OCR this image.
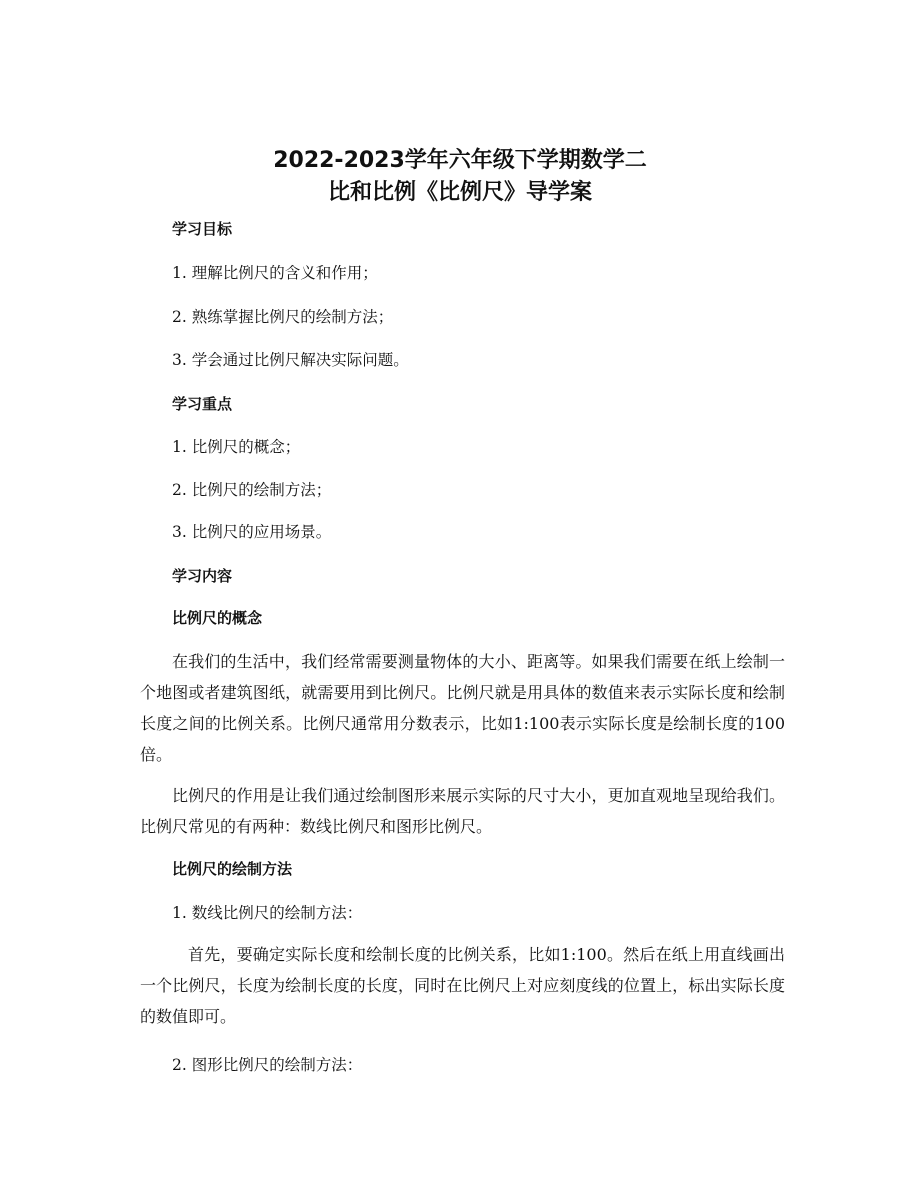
2022-2023学年六年级下学期数学二
比和比例《比例尺》导学案
学习目标

1. 理解比例尺的含义和作用；

2. 熟练掌握比例尺的绘制方法；

3. 学会通过比例尺解决实际问题。

学习重点

1. 比例尺的概念；

2. 比例尺的绘制方法；

3. 比例尺的应用场景。

学习内容
比例尺的概念

在我们的生活中，我们经常需要测量物体的大小、距离等。如果我们需要在纸上绘制一个地图或者建筑图纸，就需要用到比例尺。比例尺就是用具体的数值来表示实际长度和绘制长度之间的比例关系。比例尺通常用分数表示，比如1:100表示实际长度是绘制长度的100倍。

比例尺的作用是让我们通过绘制图形来展示实际的尺寸大小，更加直观地呈现给我们。比例尺常见的有两种：数线比例尺和图形比例尺。

比例尺的绘制方法

1. 数线比例尺的绘制方法：

首先，要确定实际长度和绘制长度的比例关系，比如1:100。然后在纸上用直线画出一个比例尺，长度为绘制长度的长度，同时在比例尺上对应刻度线的位置上，标出实际长度的数值即可。

2. 图形比例尺的绘制方法：
